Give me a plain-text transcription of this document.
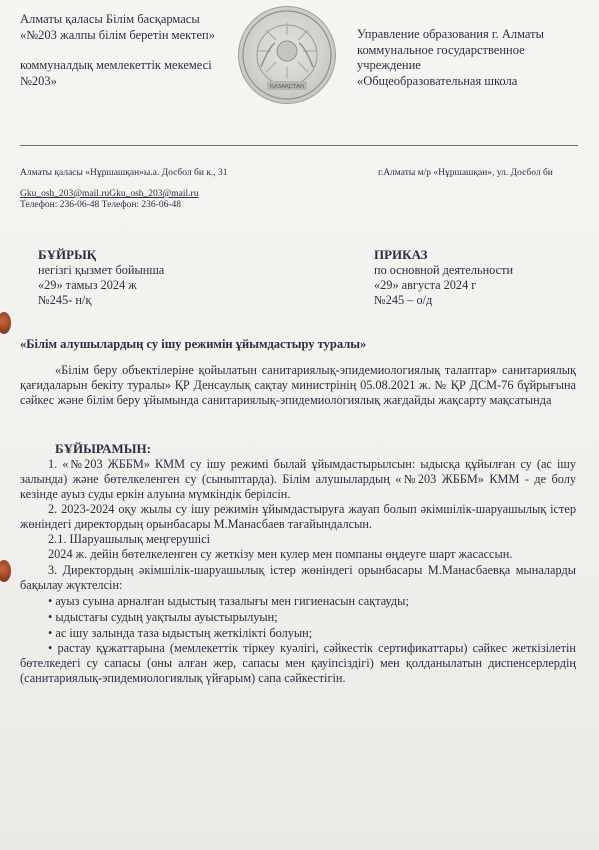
Алматы қаласы Білім басқармасы
«№203 жалпы білім беретін мектеп»
коммуналдық мемлекеттік мекемесі
№203»	ҚАЗАҚСТАН
Управление образования г. Алматы
коммунальное государственное
учреждение
«Общеобразовательная школа
Алматы қаласы «Нұршашқан»ы.а. Досбол би к., 31	г.Алматы м/р «Нұршашқан», ул. Досбол би
Gku_osh_203@mail.ruGku_osh_203@mail.ru
Телефон: 236-06-48 Телефон: 236-06-48
БҰЙРЫҚ
негізгі қызмет бойынша
«29» тамыз 2024 ж
№245- н/қ
ПРИКАЗ
по основной деятельности
«29» августа 2024 г
№245 – о/д
«Білім алушылардың су ішу режимін ұйымдастыру туралы»
«Білім беру объектілеріне қойылатын санитариялық-эпидемиологиялық талаптар» санитариялық қағидаларын бекіту туралы» ҚР Денсаулық сақтау министрінің 05.08.2021 ж. № ҚР ДСМ-76 бұйрығына сәйкес және білім беру ұйымында санитариялық-эпидемиологиялық жағдайды жақсарту мақсатында
БҰЙЫРАМЫН:
1. «№203 ЖББМ» КММ су ішу режимі былай ұйымдастырылсын: ыдысқа құйылған су (ас ішу залында) және бөтелкеленген су (сыныптарда). Білім алушылардың «№203 ЖББМ» КММ - де болу кезінде ауыз суды еркін алуына мүмкіндік берілсін.
2. 2023-2024 оқу жылы су ішу режимін ұйымдастыруға жауап болып әкімшілік-шаруашылық істер жөніндегі директордың орынбасары М.Манасбаев тағайындалсын.
2.1. Шаруашылық меңгерушісі
2024 ж. дейін бөтелкеленген су жеткізу мен кулер мен помпаны өңдеуге шарт жасассын.
3. Директордың әкімшілік-шаруашылық істер жөніндегі орынбасары М.Манасбаевқа мыналарды бақылау жүктелсін:
• ауыз суына арналған ыдыстың тазалығы мен гигиенасын сақтауды;
• ыдыстағы судың уақтылы ауыстырылуын;
• ас ішу залында таза ыдыстың жеткілікті болуын;
• растау құжаттарына (мемлекеттік тіркеу куәлігі, сәйкестік сертификаттары) сәйкес жеткізілетін бөтелкедегі су сапасы (оны алған жер, сапасы мен қауіпсіздігі) мен қолданылатын диспенсерлердің (санитариялық-эпидемиологиялық үйғарым) сапа сәйкестігін.
